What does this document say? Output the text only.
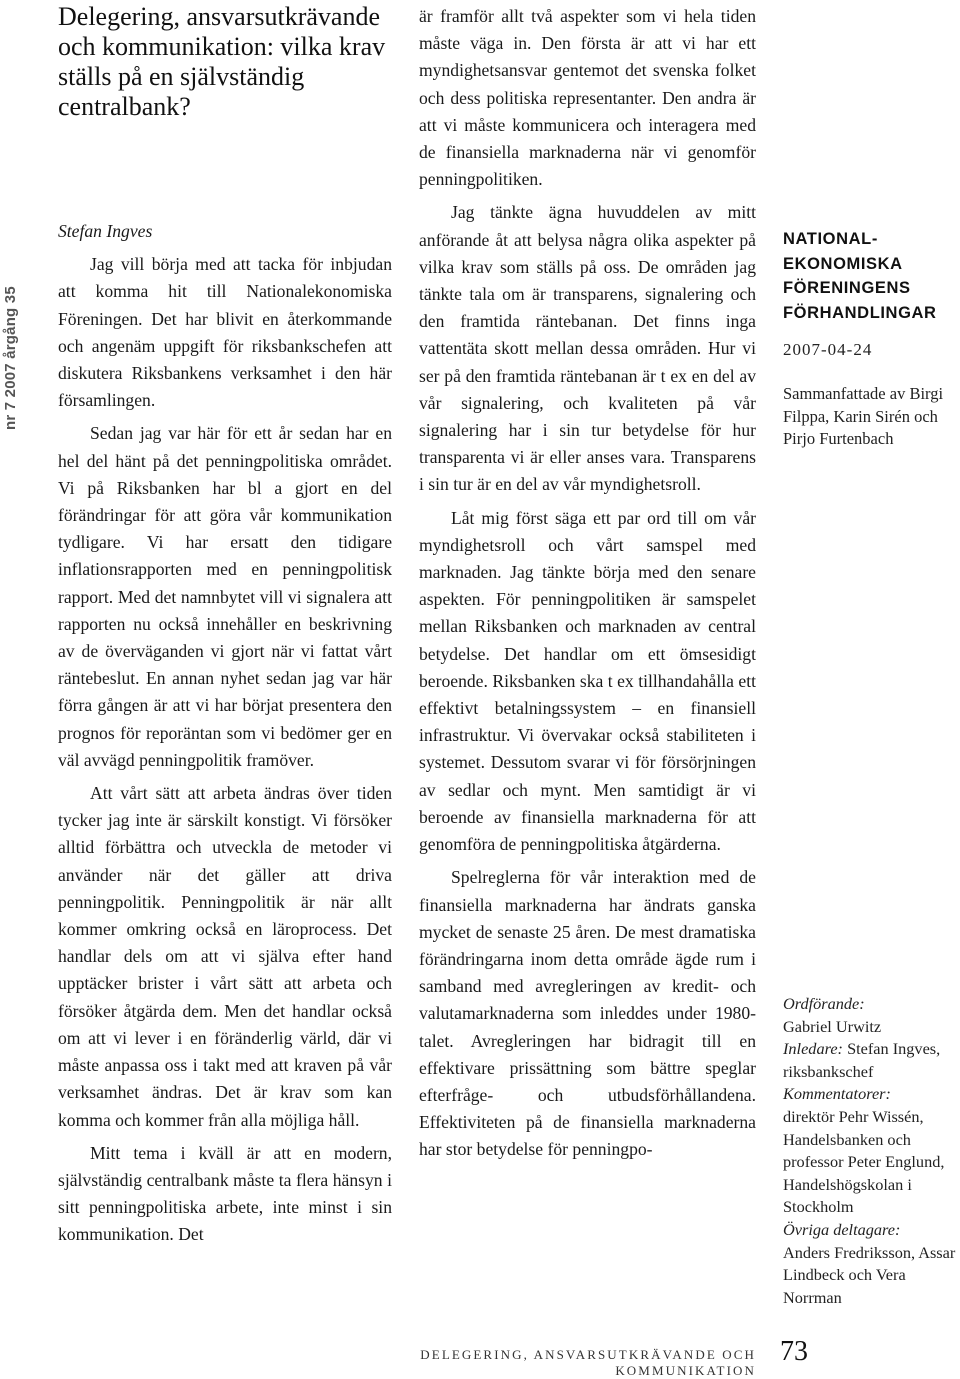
nr 7 2007 årgång 35
Delegering, ansvarsutkrävande och kommunikation: vilka krav ställs på en självständig centralbank?

Stefan Ingves

Jag vill börja med att tacka för inbjudan att komma hit till Nationalekonomiska Föreningen. Det har blivit en återkommande och angenäm uppgift för riksbankschefen att diskutera Riksbankens verksamhet i den här församlingen.

Sedan jag var här för ett år sedan har en hel del hänt på det penningpolitiska området. Vi på Riksbanken har bl a gjort en del förändringar för att göra vår kommunikation tydligare. Vi har ersatt den tidigare inflationsrapporten med en penningpolitisk rapport. Med det namnbytet vill vi signalera att rapporten nu också innehåller en beskrivning av de överväganden vi gjort när vi fattat vårt räntebeslut. En annan nyhet sedan jag var här förra gången är att vi har börjat presentera den prognos för reporäntan som vi bedömer ger en väl avvägd penningpolitik framöver.

Att vårt sätt att arbeta ändras över tiden tycker jag inte är särskilt konstigt. Vi försöker alltid förbättra och utveckla de metoder vi använder när det gäller att driva penningpolitik. Penningpolitik är när allt kommer omkring också en läroprocess. Det handlar dels om att vi själva efter hand upptäcker brister i vårt sätt att arbeta och försöker åtgärda dem. Men det handlar också om att vi lever i en föränderlig värld, där vi måste anpassa oss i takt med att kraven på vår verksamhet ändras. Det är krav som kan komma och kommer från alla möjliga håll.

Mitt tema i kväll är att en modern, självständig centralbank måste ta flera hänsyn i sitt penningpolitiska arbete, inte minst i sin kommunikation. Det

är framför allt två aspekter som vi hela tiden måste väga in. Den första är att vi har ett myndighetsansvar gentemot det svenska folket och dess politiska representanter. Den andra är att vi måste kommunicera och interagera med de finansiella marknaderna när vi genomför penningpolitiken.

Jag tänkte ägna huvuddelen av mitt anförande åt att belysa några olika aspekter på vilka krav som ställs på oss. De områden jag tänkte tala om är transparens, signalering och den framtida räntebanan. Det finns inga vattentäta skott mellan dessa områden. Hur vi ser på den framtida räntebanan är t ex en del av vår signalering, och kvaliteten på vår signalering har i sin tur betydelse för hur transparenta vi är eller anses vara. Transparens i sin tur är en del av vår myndighetsroll.

Låt mig först säga ett par ord till om vår myndighetsroll och vårt samspel med marknaden. Jag tänkte börja med den senare aspekten. För penningpolitiken är samspelet mellan Riksbanken och marknaden av central betydelse. Det handlar om ett ömsesidigt beroende. Riksbanken ska t ex tillhandahålla ett effektivt betalningssystem – en finansiell infrastruktur. Vi övervakar också stabiliteten i systemet. Dessutom svarar vi för försörjningen av sedlar och mynt. Men samtidigt är vi beroende av finansiella marknaderna för att genomföra de penningpolitiska åtgärderna.

Spelreglerna för vår interaktion med de finansiella marknaderna har ändrats ganska mycket de senaste 25 åren. De mest dramatiska förändringarna inom detta område ägde rum i samband med avregleringen av kredit- och valutamarknaderna som inleddes under 1980-talet. Avregleringen har bidragit till en effektivare prissättning som bättre speglar efterfråge- och utbudsförhållandena. Effektiviteten på de finansiella marknaderna har stor betydelse för penningpo-

NATIONAL-
EKONOMISKA
FÖRENINGENS
FÖRHANDLINGAR
2007-04-24

Sammanfattade av Birgi Filppa, Karin Sirén och Pirjo Furtenbach

Ordförande:
Gabriel Urwitz
Inledare: Stefan Ingves, riksbankschef
Kommentatorer:
direktör Pehr Wissén, Handelsbanken och professor Peter Englund, Handelshögskolan i Stockholm
Övriga deltagare:
Anders Fredriksson, Assar Lindbeck och Vera Norrman
DELEGERING, ANSVARSUTKRÄVANDE OCH KOMMUNIKATION
73
